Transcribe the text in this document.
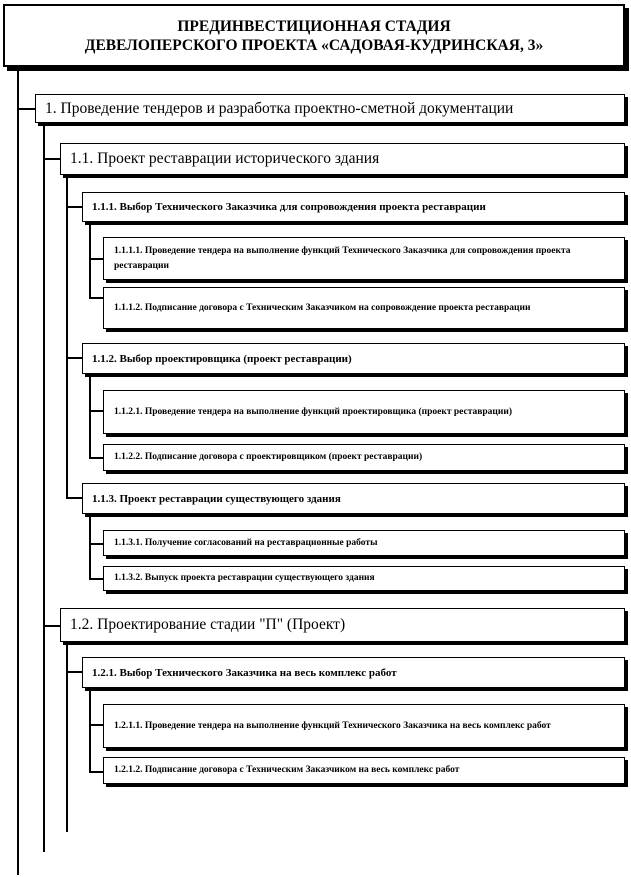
ПРЕДИНВЕСТИЦИОННАЯ СТАДИЯ
ДЕВЕЛОПЕРСКОГО ПРОЕКТА «САДОВАЯ-КУДРИНСКАЯ, 3»
1. Проведение тендеров и разработка проектно-сметной документации
1.1. Проект реставрации исторического здания
1.1.1. Выбор Технического Заказчика для сопровождения проекта реставрации
1.1.1.1. Проведение тендера на выполнение функций Технического Заказчика для сопровождения проекта реставрации
1.1.1.2. Подписание договора с Техническим Заказчиком на сопровождение проекта реставрации
1.1.2. Выбор проектировщика (проект реставрации)
1.1.2.1. Проведение тендера на выполнение функций проектировщика (проект реставрации)
1.1.2.2. Подписание договора с проектировщиком (проект реставрации)
1.1.3. Проект реставрации существующего здания
1.1.3.1. Получение согласований на реставрационные работы
1.1.3.2. Выпуск проекта реставрации существующего здания
1.2. Проектирование стадии "П" (Проект)
1.2.1. Выбор Технического Заказчика на весь комплекс работ
1.2.1.1. Проведение тендера на выполнение функций Технического Заказчика на весь комплекс работ
1.2.1.2. Подписание договора с Техническим Заказчиком на весь комплекс работ
